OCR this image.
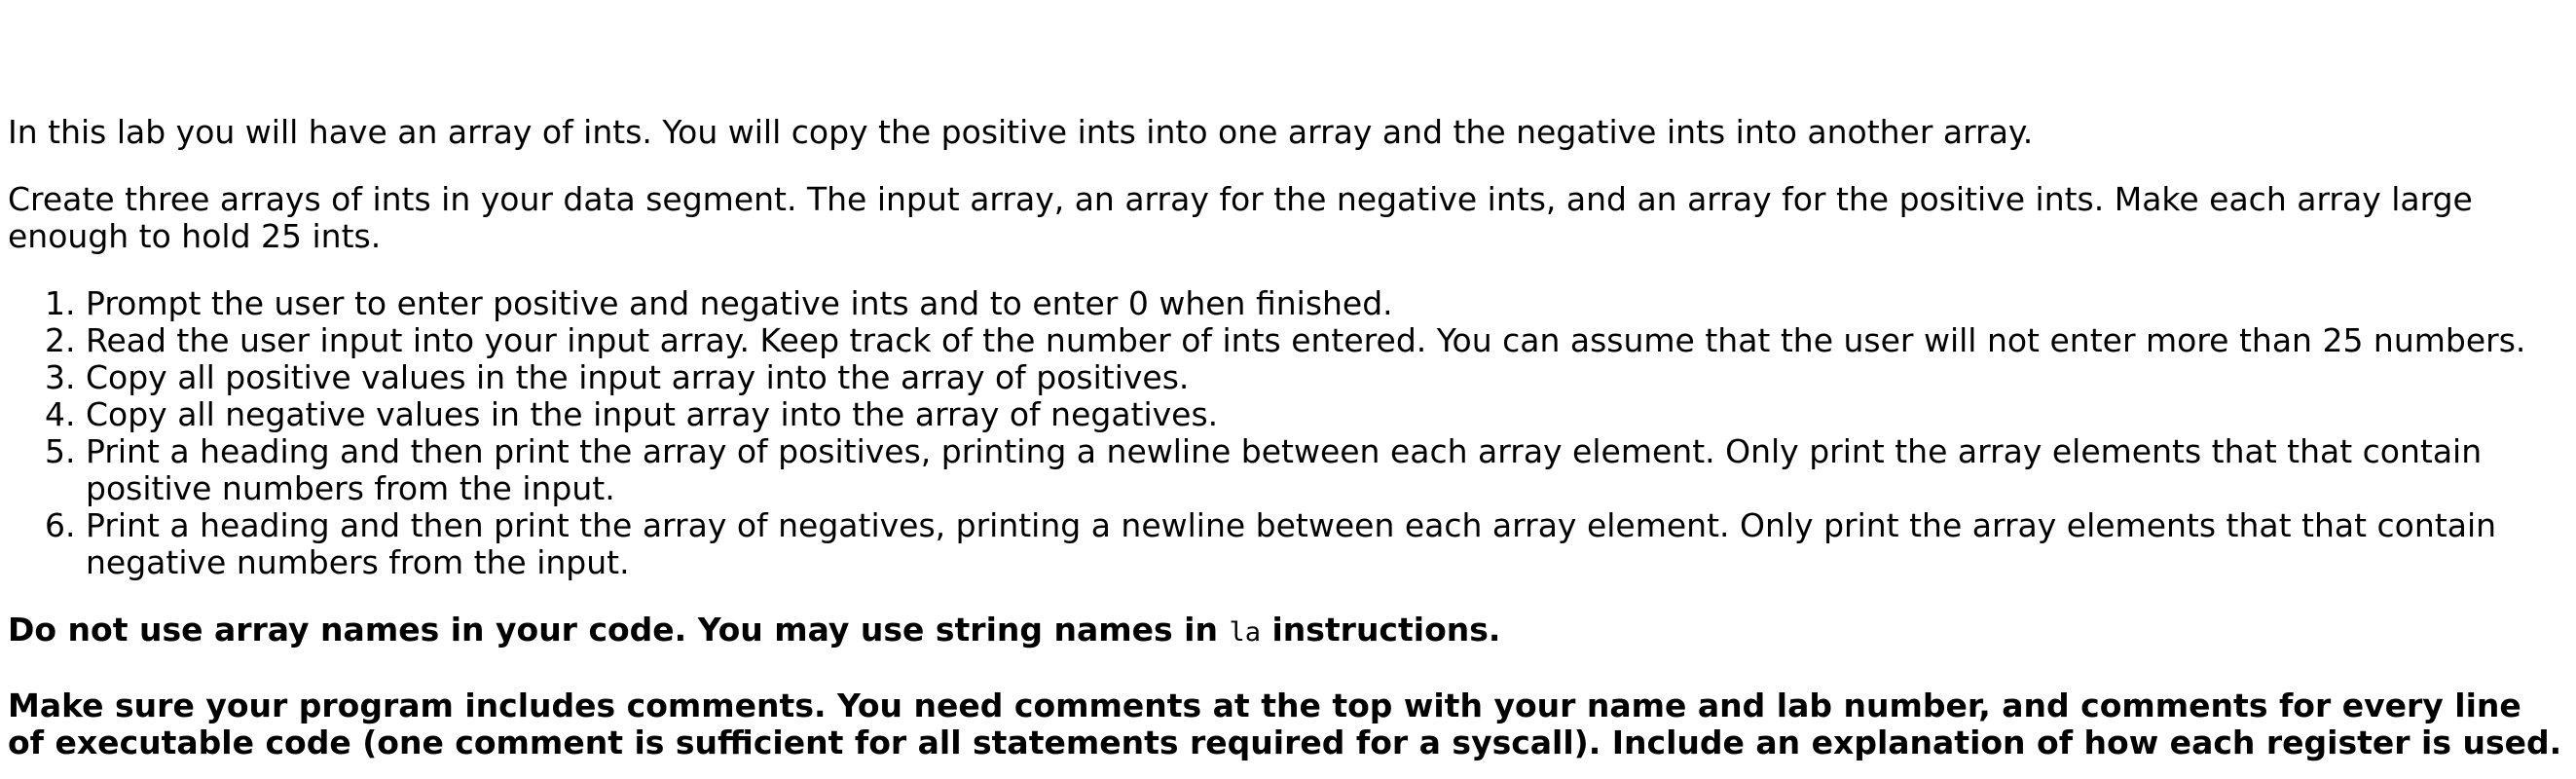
In this lab you will have an array of ints. You will copy the positive ints into one array and the negative ints into another array.

Create three arrays of ints in your data segment. The input array, an array for the negative ints, and an array for the positive ints. Make each array large enough to hold 25 ints.

1. Prompt the user to enter positive and negative ints and to enter 0 when finished.
2. Read the user input into your input array. Keep track of the number of ints entered. You can assume that the user will not enter more than 25 numbers.
3. Copy all positive values in the input array into the array of positives.
4. Copy all negative values in the input array into the array of negatives.
5. Print a heading and then print the array of positives, printing a newline between each array element. Only print the array elements that that contain positive numbers from the input.
6. Print a heading and then print the array of negatives, printing a newline between each array element. Only print the array elements that that contain negative numbers from the input.

Do not use array names in your code. You may use string names in la instructions.

Make sure your program includes comments. You need comments at the top with your name and lab number, and comments for every line of executable code (one comment is sufficient for all statements required for a syscall). Include an explanation of how each register is used.
